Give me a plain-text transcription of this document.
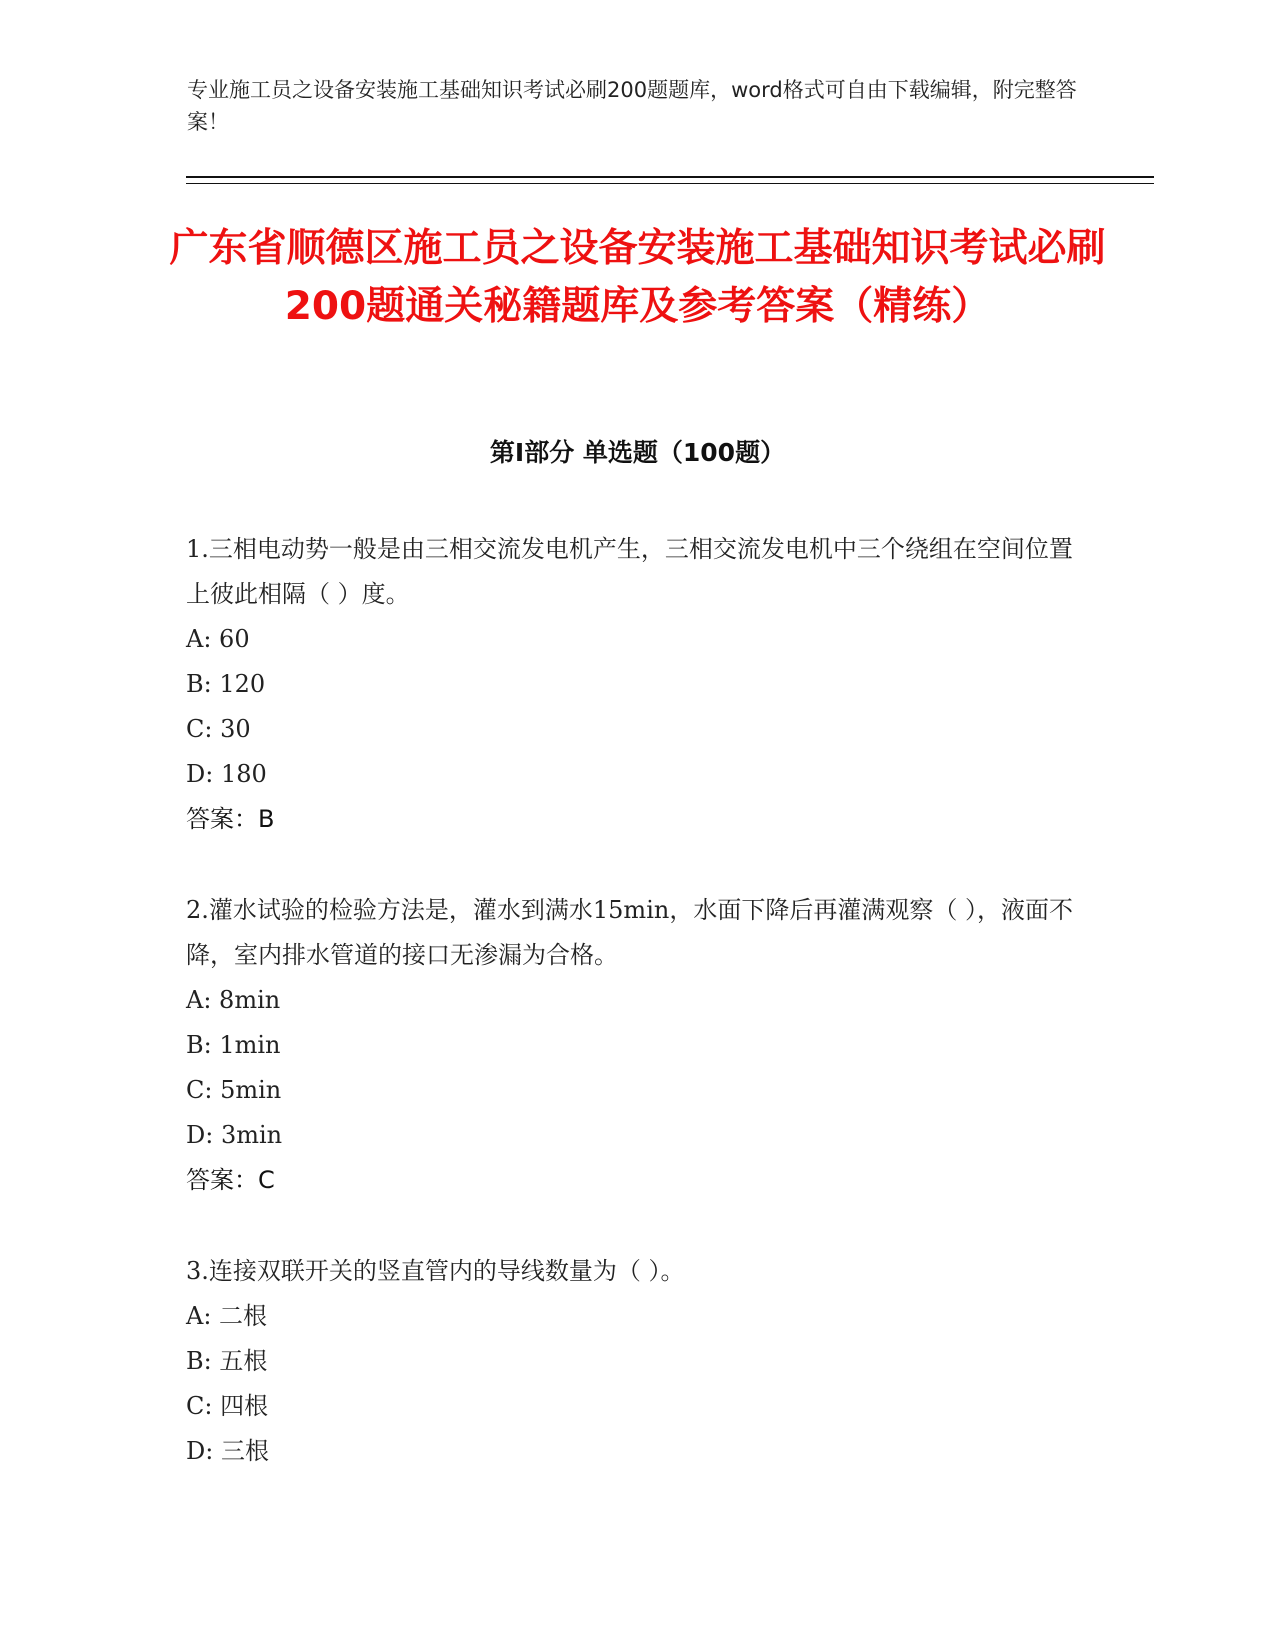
专业施工员之设备安装施工基础知识考试必刷200题题库，word格式可自由下载编辑，附完整答案！
广东省顺德区施工员之设备安装施工基础知识考试必刷200题通关秘籍题库及参考答案（精练）
第I部分 单选题（100题）

1.三相电动势一般是由三相交流发电机产生，三相交流发电机中三个绕组在空间位置上彼此相隔（ ）度。

A: 60

B: 120

C: 30

D: 180

答案：B

2.灌水试验的检验方法是，灌水到满水15min，水面下降后再灌满观察（ ），液面不降，室内排水管道的接口无渗漏为合格。

A: 8min

B: 1min

C: 5min

D: 3min

答案：C

3.连接双联开关的竖直管内的导线数量为（ ）。

A: 二根

B: 五根

C: 四根

D: 三根
